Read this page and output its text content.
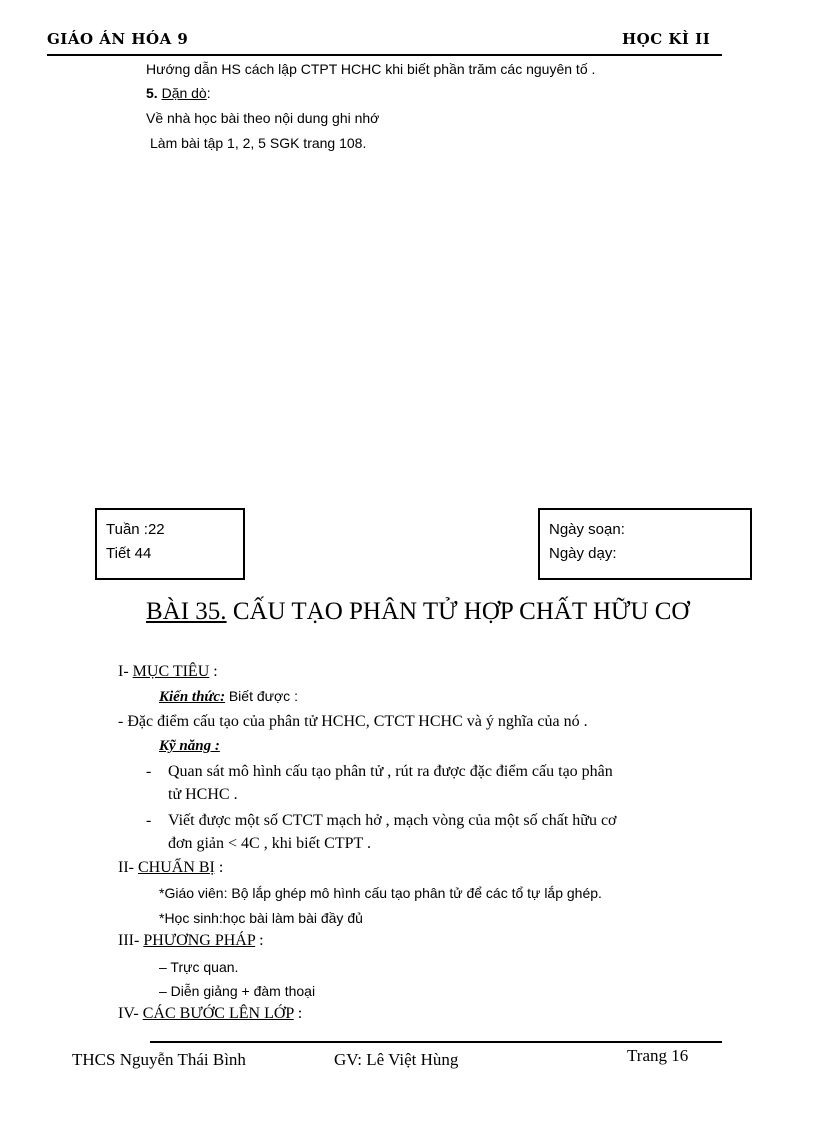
GIÁO ÁN HÓA 9	HỌC KÌ II
Hướng dẫn HS cách lập CTPT HCHC khi biết phần trăm các nguyên tố .
5. Dặn dò:
Về nhà học bài theo nội dung ghi nhớ
Làm bài tập 1, 2, 5 SGK trang 108.
Tuần :22
Tiết 44
Ngày soạn:
Ngày dạy:
BÀI 35. CẤU TẠO PHÂN TỬ HỢP CHẤT HỮU CƠ
I- MỤC TIÊU :
Kiến thức: Biết được :
- Đặc điểm cấu tạo của phân tử HCHC, CTCT HCHC và ý nghĩa của nó .
Kỹ năng :
- Quan sát mô hình cấu tạo phân tử , rút ra được đặc điểm cấu tạo phân
tử HCHC .
- Viết được một số CTCT mạch hở , mạch vòng của một số chất hữu cơ
đơn giản < 4C , khi biết CTPT .
II- CHUẨN BỊ :
*Giáo viên: Bộ lắp ghép mô hình cấu tạo phân tử để các tổ tự lắp ghép.
*Học sinh:học bài làm bài đầy đủ
III- PHƯƠNG PHÁP :
– Trực quan.
– Diễn giảng + đàm thoại
IV- CÁC BƯỚC LÊN LỚP :
THCS Nguyễn Thái Bình	GV: Lê Việt Hùng	Trang 16
